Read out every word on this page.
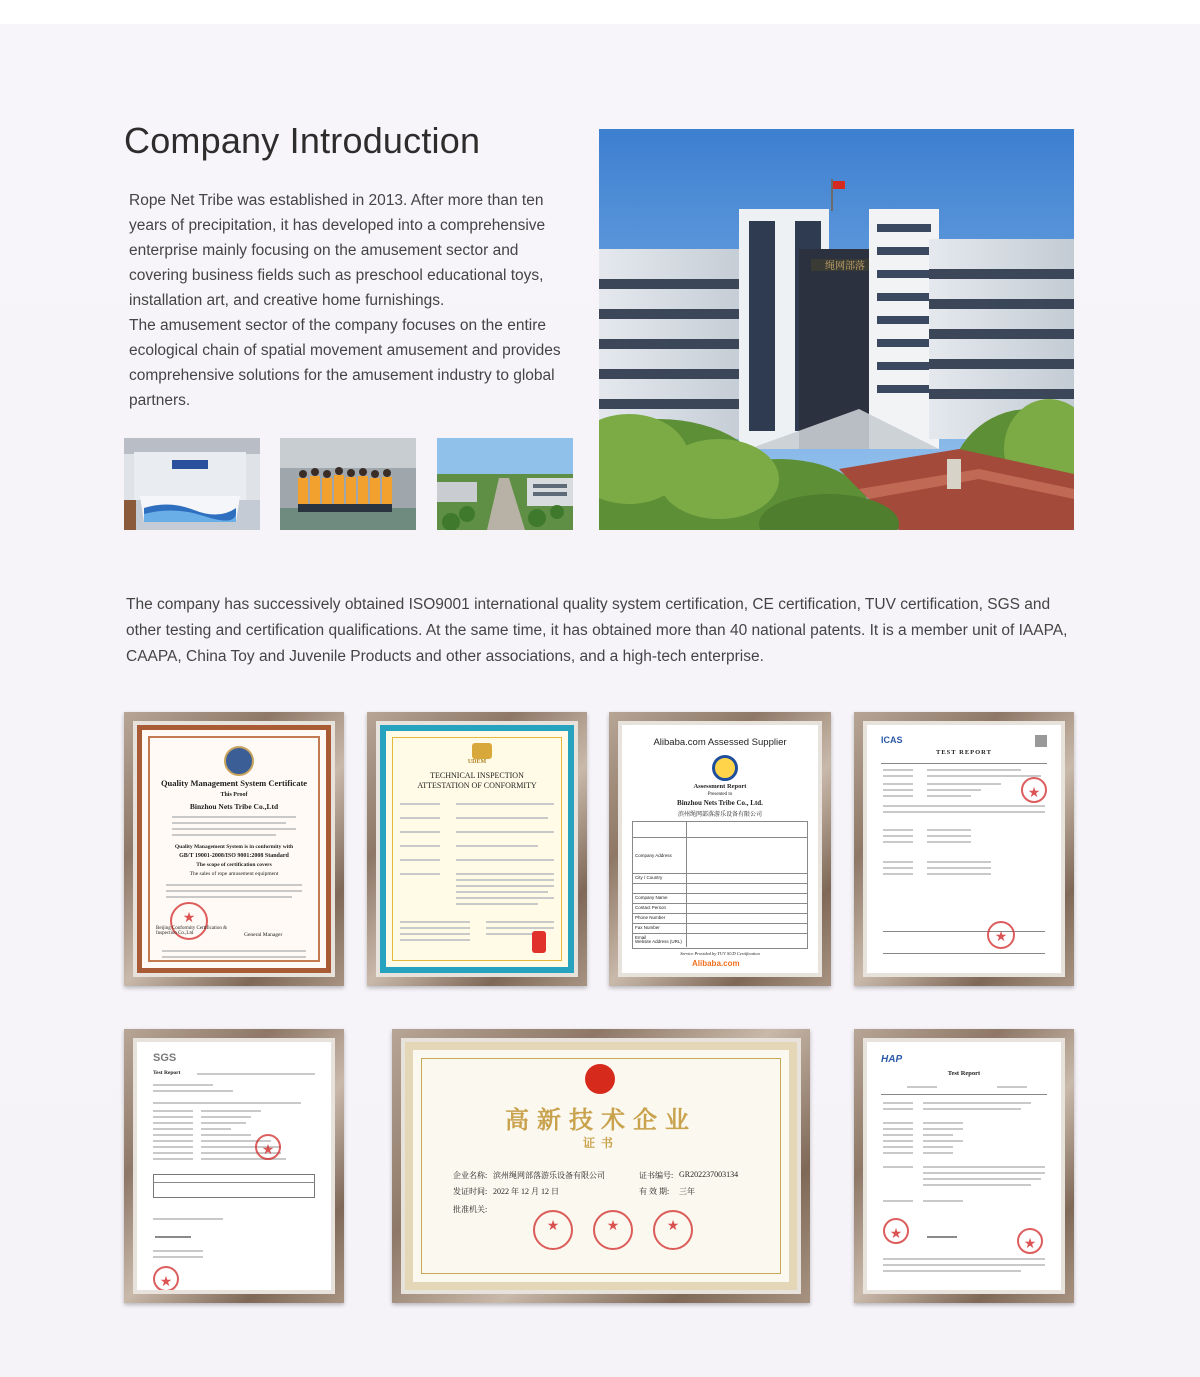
Company Introduction

Rope Net Tribe was established in 2013. After more than ten years of precipitation, it has developed into a comprehensive enterprise mainly focusing on the amusement sector and covering business fields such as preschool educational toys, installation art, and creative home furnishings.

The amusement sector of the company focuses on the entire ecological chain of spatial movement amusement and provides comprehensive solutions for the amusement industry to global partners.

绳网部落

The company has successively obtained ISO9001 international quality system certification, CE certification, TUV certification, SGS and other testing and certification qualifications. At the same time, it has obtained more than 40 national patents. It is a member unit of IAAPA, CAAPA, China Toy and Juvenile Products and other associations, and a high-tech enterprise.

Quality Management System Certificate
This Proof
Binzhou Nets Tribe Co.,Ltd
Quality Management System is in conformity with
GB/T 19001-2008/ISO 9001:2008 Standard
The scope of certification covers
The sales of rope amusement equipment
★
Beijing Conformity Certification & Inspection Co.,Ltd	General Manager
UDEM
TECHNICAL INSPECTION
ATTESTATION OF CONFORMITY
Alibaba.com Assessed Supplier
Assessment Report
Presented to
Binzhou Nets Tribe Co., Ltd.
滨州绳网部落游乐设备有限公司
Company Address
City / Country
Company Name
Contact Person
Phone Number
Fax Number
Email
Website Address (URL)
Service Provided by TUV SUD Certification
Alibaba.com
ICAS
TEST REPORT
★
★
SGS
Test Report
★
★
高新技术企业
证书
企业名称: 滨州绳网部落游乐设备有限公司	证书编号: GR202237003134
发证时间: 2022 年 12 月 12 日	有 效 期: 三年
批准机关:
★
★
★
HAP
Test Report
★
★
